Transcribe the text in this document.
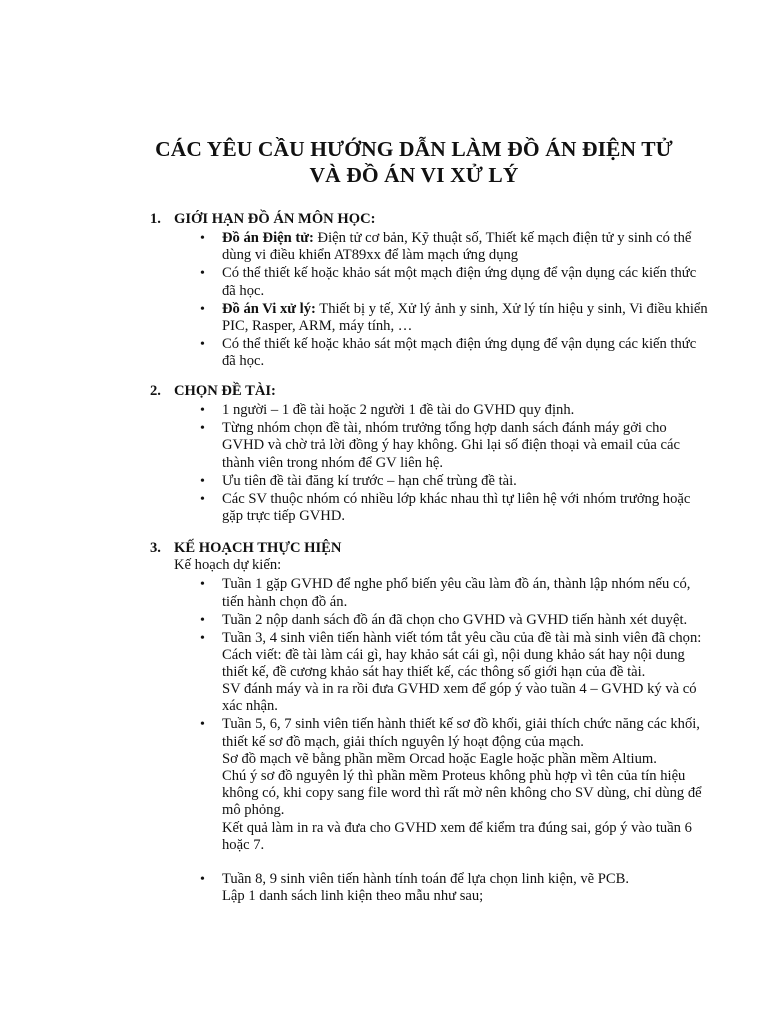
CÁC YÊU CẦU HƯỚNG DẪN LÀM ĐỒ ÁN ĐIỆN TỬ
VÀ ĐỒ ÁN VI XỬ LÝ
1. GIỚI HẠN ĐỒ ÁN MÔN HỌC:
• Đồ án Điện tử: Điện tử cơ bản, Kỹ thuật số, Thiết kế mạch điện tử y sinh có thể dùng vi điều khiển AT89xx để làm mạch ứng dụng
• Có thể thiết kế hoặc khảo sát một mạch điện ứng dụng để vận dụng các kiến thức đã học.
• Đồ án Vi xử lý: Thiết bị y tế, Xử lý ảnh y sinh, Xử lý tín hiệu y sinh, Vi điều khiển PIC, Rasper, ARM, máy tính, …
• Có thể thiết kế hoặc khảo sát một mạch điện ứng dụng để vận dụng các kiến thức đã học.
2. CHỌN ĐỀ TÀI:
• 1 người – 1 đề tài hoặc 2 người 1 đề tài do GVHD quy định.
• Từng nhóm chọn đề tài, nhóm trưởng tổng hợp danh sách đánh máy gởi cho GVHD và chờ trả lời đồng ý hay không. Ghi lại số điện thoại và email của các thành viên trong nhóm để GV liên hệ.
• Ưu tiên đề tài đăng kí trước – hạn chế trùng đề tài.
• Các SV thuộc nhóm có nhiều lớp khác nhau thì tự liên hệ với nhóm trưởng hoặc gặp trực tiếp GVHD.
3. KẾ HOẠCH THỰC HIỆN
Kế hoạch dự kiến:
• Tuần 1 gặp GVHD để nghe phổ biến yêu cầu làm đồ án, thành lập nhóm nếu có, tiến hành chọn đồ án.
• Tuần 2 nộp danh sách đồ án đã chọn cho GVHD và GVHD tiến hành xét duyệt.
• Tuần 3, 4 sinh viên tiến hành viết tóm tắt yêu cầu của đề tài mà sinh viên đã chọn:
Cách viết: đề tài làm cái gì, hay khảo sát cái gì, nội dung khảo sát hay nội dung thiết kế, đề cương khảo sát hay thiết kế, các thông số giới hạn của đề tài.
SV đánh máy và in ra rồi đưa GVHD xem để góp ý vào tuần 4 – GVHD ký và có xác nhận.
• Tuần 5, 6, 7 sinh viên tiến hành thiết kế sơ đồ khối, giải thích chức năng các khối, thiết kế sơ đồ mạch, giải thích nguyên lý hoạt động của mạch.
Sơ đồ mạch vẽ bằng phần mềm Orcad hoặc Eagle hoặc phần mềm Altium.
Chú ý sơ đồ nguyên lý thì phần mềm Proteus không phù hợp vì tên của tín hiệu không có, khi copy sang file word thì rất mờ nên không cho SV dùng, chỉ dùng để mô phỏng.
Kết quả làm in ra và đưa cho GVHD xem để kiểm tra đúng sai, góp ý vào tuần 6 hoặc 7.
• Tuần 8, 9 sinh viên tiến hành tính toán để lựa chọn linh kiện, vẽ PCB.
Lập 1 danh sách linh kiện theo mẫu như sau;
